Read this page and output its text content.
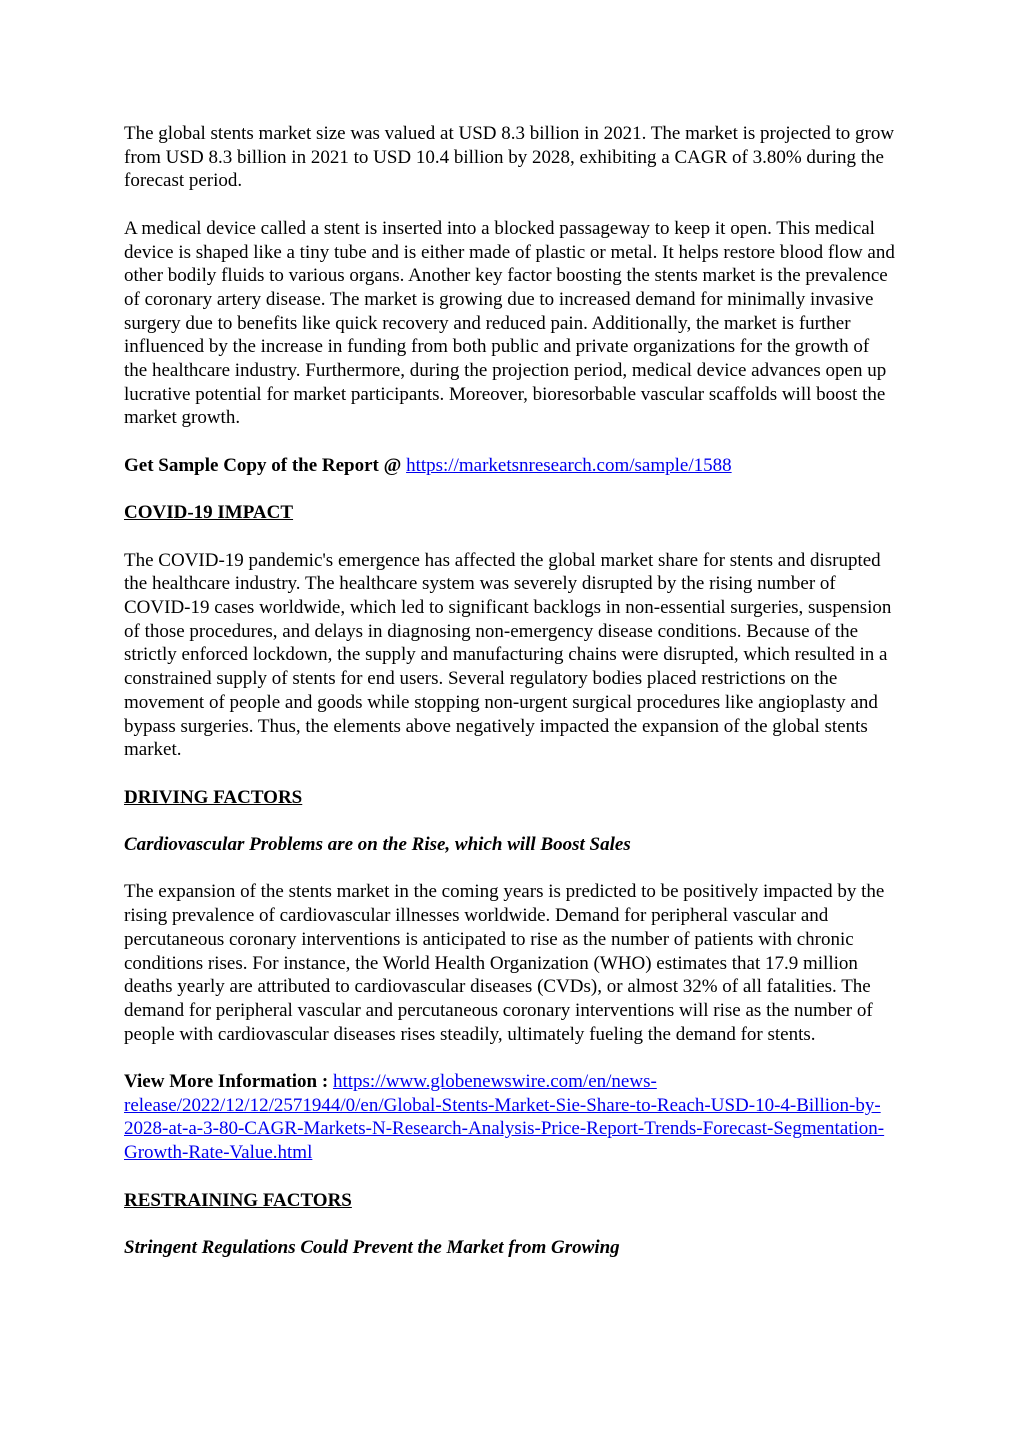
The global stents market size was valued at USD 8.3 billion in 2021. The market is projected to grow from USD 8.3 billion in 2021 to USD 10.4 billion by 2028, exhibiting a CAGR of 3.80% during the forecast period.

A medical device called a stent is inserted into a blocked passageway to keep it open. This medical device is shaped like a tiny tube and is either made of plastic or metal. It helps restore blood flow and other bodily fluids to various organs. Another key factor boosting the stents market is the prevalence of coronary artery disease. The market is growing due to increased demand for minimally invasive surgery due to benefits like quick recovery and reduced pain. Additionally, the market is further influenced by the increase in funding from both public and private organizations for the growth of the healthcare industry. Furthermore, during the projection period, medical device advances open up lucrative potential for market participants. Moreover, bioresorbable vascular scaffolds will boost the market growth.

Get Sample Copy of the Report @ https://marketsnresearch.com/sample/1588

COVID-19 IMPACT

The COVID-19 pandemic's emergence has affected the global market share for stents and disrupted the healthcare industry. The healthcare system was severely disrupted by the rising number of COVID-19 cases worldwide, which led to significant backlogs in non-essential surgeries, suspension of those procedures, and delays in diagnosing non-emergency disease conditions. Because of the strictly enforced lockdown, the supply and manufacturing chains were disrupted, which resulted in a constrained supply of stents for end users. Several regulatory bodies placed restrictions on the movement of people and goods while stopping non-urgent surgical procedures like angioplasty and bypass surgeries. Thus, the elements above negatively impacted the expansion of the global stents market.

DRIVING FACTORS

Cardiovascular Problems are on the Rise, which will Boost Sales

The expansion of the stents market in the coming years is predicted to be positively impacted by the rising prevalence of cardiovascular illnesses worldwide. Demand for peripheral vascular and percutaneous coronary interventions is anticipated to rise as the number of patients with chronic conditions rises. For instance, the World Health Organization (WHO) estimates that 17.9 million deaths yearly are attributed to cardiovascular diseases (CVDs), or almost 32% of all fatalities. The demand for peripheral vascular and percutaneous coronary interventions will rise as the number of people with cardiovascular diseases rises steadily, ultimately fueling the demand for stents.

View More Information : https://www.globenewswire.com/en/news-release/2022/12/12/2571944/0/en/Global-Stents-Market-Sie-Share-to-Reach-USD-10-4-Billion-by-2028-at-a-3-80-CAGR-Markets-N-Research-Analysis-Price-Report-Trends-Forecast-Segmentation-Growth-Rate-Value.html

RESTRAINING FACTORS

Stringent Regulations Could Prevent the Market from Growing
